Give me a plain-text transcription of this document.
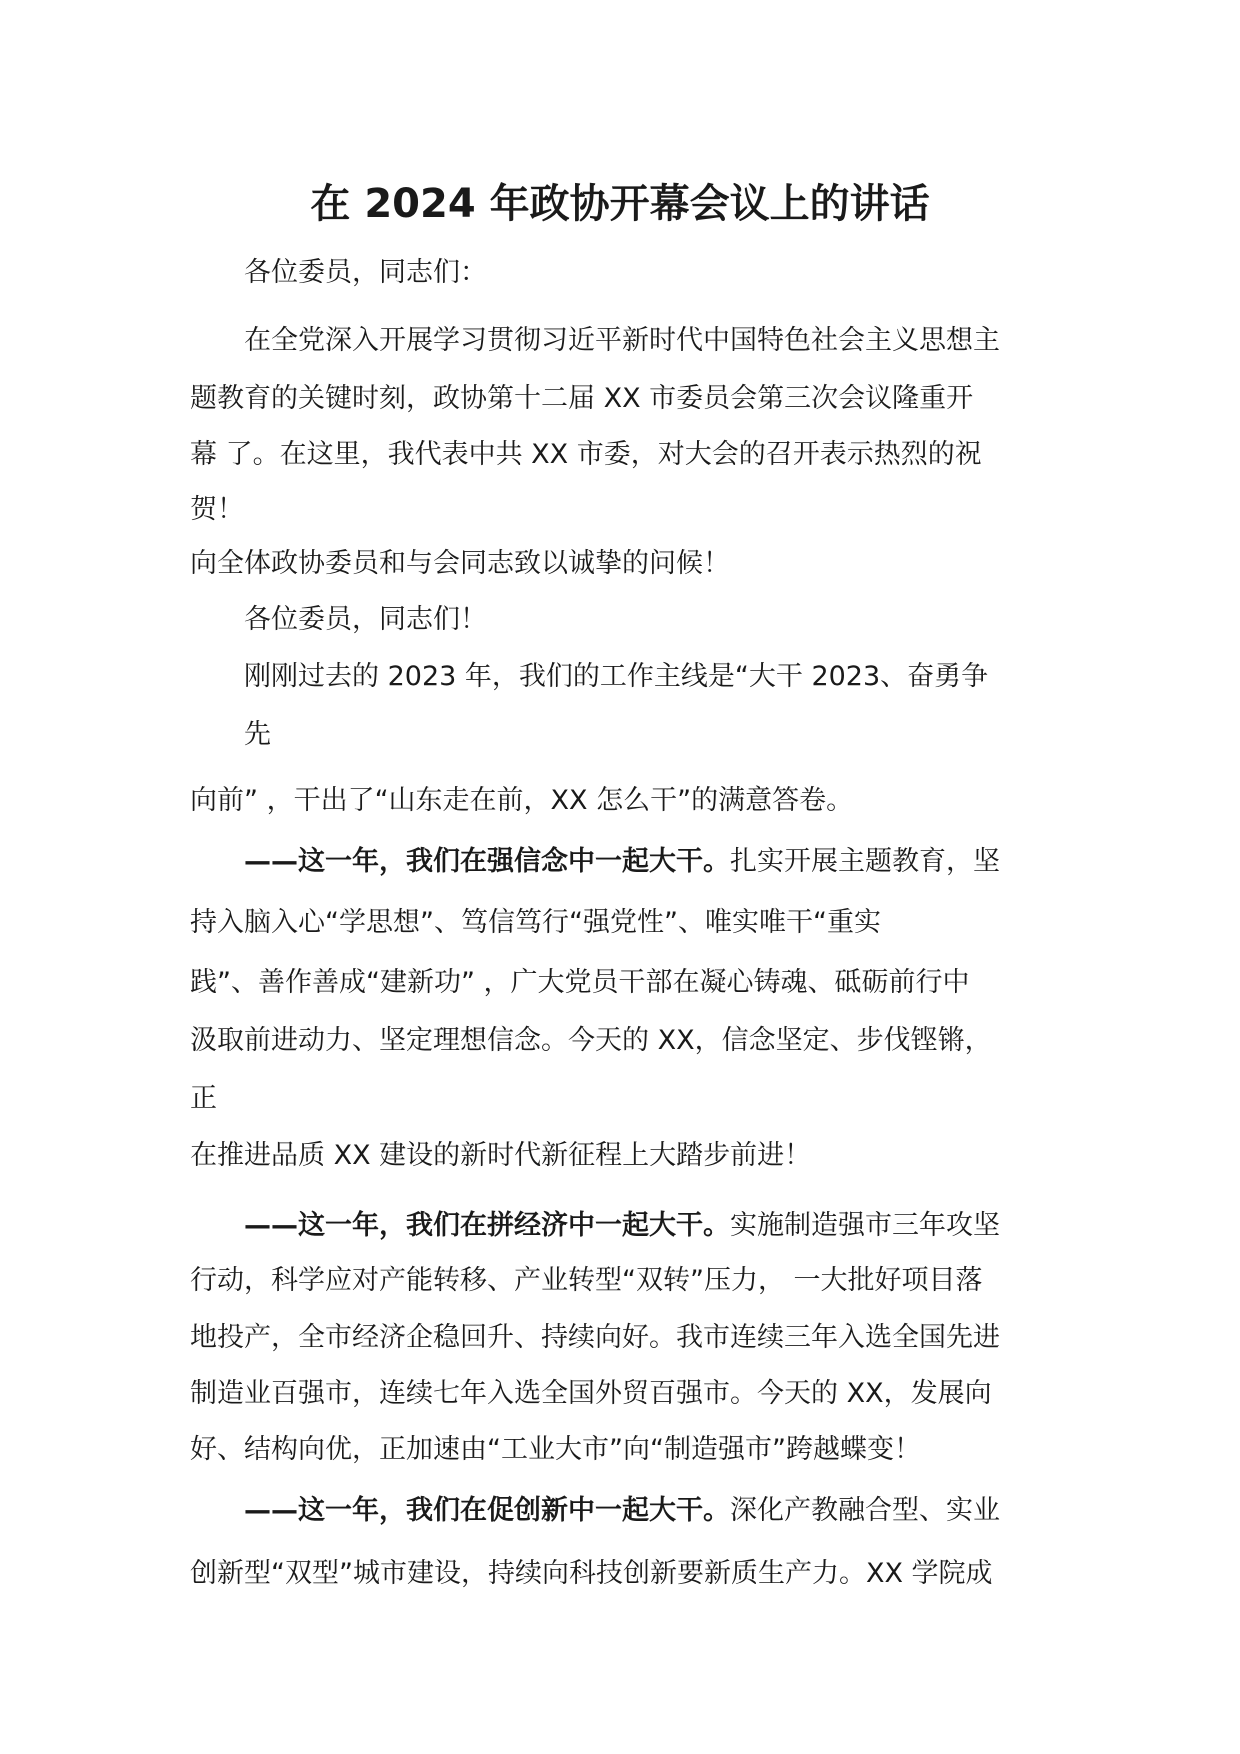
在 2024 年政协开幕会议上的讲话
各位委员，同志们：
在全党深入开展学习贯彻习近平新时代中国特色社会主义思想主
题教育的关键时刻，政协第十二届 XX 市委员会第三次会议隆重开
幕 了。在这里，我代表中共 XX 市委，对大会的召开表示热烈的祝
贺！
向全体政协委员和与会同志致以诚挚的问候！
各位委员，同志们！
刚刚过去的 2023 年，我们的工作主线是“大干 2023、奋勇争
先
向前” ，干出了“山东走在前，XX 怎么干”的满意答卷。
——这一年，我们在强信念中一起大干。扎实开展主题教育，坚
持入脑入心“学思想”、笃信笃行“强党性”、唯实唯干“重实
践”、善作善成“建新功” ，广大党员干部在凝心铸魂、砥砺前行中
汲取前进动力、坚定理想信念。今天的 XX，信念坚定、步伐铿锵，
正
在推进品质 XX 建设的新时代新征程上大踏步前进！
——这一年，我们在拼经济中一起大干。实施制造强市三年攻坚
行动，科学应对产能转移、产业转型“双转”压力， 一大批好项目落
地投产，全市经济企稳回升、持续向好。我市连续三年入选全国先进
制造业百强市，连续七年入选全国外贸百强市。今天的 XX，发展向
好、结构向优，正加速由“工业大市”向“制造强市”跨越蝶变！
——这一年，我们在促创新中一起大干。深化产教融合型、实业
创新型“双型”城市建设，持续向科技创新要新质生产力。XX 学院成
